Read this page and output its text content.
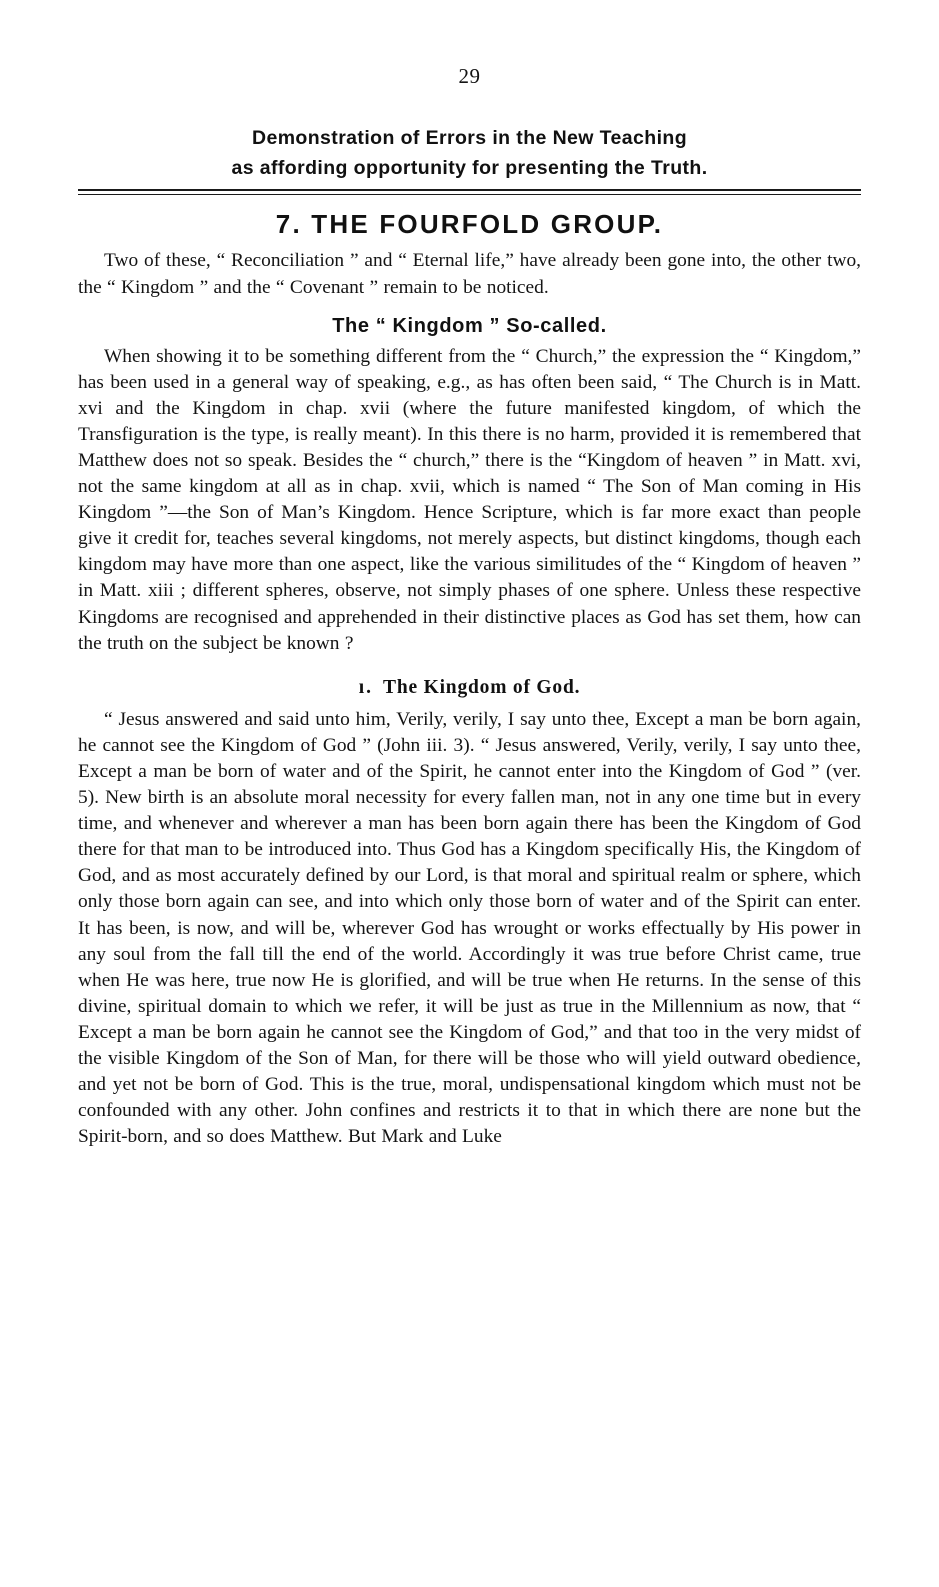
29
Demonstration of Errors in the New Teaching
as affording opportunity for presenting the Truth.
7. THE FOURFOLD GROUP.

Two of these, “ Reconciliation ” and “ Eternal life,” have already been gone into, the other two, the “ Kingdom ” and the “ Covenant ” remain to be noticed.

The “ Kingdom ” So-called.

When showing it to be something different from the “ Church,” the expression the “ Kingdom,” has been used in a general way of speaking, e.g., as has often been said, “ The Church is in Matt. xvi and the Kingdom in chap. xvii (where the future manifested kingdom, of which the Transfiguration is the type, is really meant). In this there is no harm, provided it is remembered that Matthew does not so speak. Besides the “ church,” there is the “Kingdom of heaven ” in Matt. xvi, not the same kingdom at all as in chap. xvii, which is named “ The Son of Man coming in His Kingdom ”—the Son of Man’s Kingdom. Hence Scripture, which is far more exact than people give it credit for, teaches several kingdoms, not merely aspects, but distinct kingdoms, though each kingdom may have more than one aspect, like the various similitudes of the “ Kingdom of heaven ” in Matt. xiii ; different spheres, observe, not simply phases of one sphere. Unless these respective Kingdoms are recognised and apprehended in their distinctive places as God has set them, how can the truth on the subject be known ?

ı. The Kingdom of God.

“ Jesus answered and said unto him, Verily, verily, I say unto thee, Except a man be born again, he cannot see the Kingdom of God ” (John iii. 3). “ Jesus answered, Verily, verily, I say unto thee, Except a man be born of water and of the Spirit, he cannot enter into the Kingdom of God ” (ver. 5). New birth is an absolute moral necessity for every fallen man, not in any one time but in every time, and whenever and wherever a man has been born again there has been the Kingdom of God there for that man to be introduced into. Thus God has a Kingdom specifically His, the Kingdom of God, and as most accurately defined by our Lord, is that moral and spiritual realm or sphere, which only those born again can see, and into which only those born of water and of the Spirit can enter. It has been, is now, and will be, wherever God has wrought or works effectually by His power in any soul from the fall till the end of the world. Accordingly it was true before Christ came, true when He was here, true now He is glorified, and will be true when He returns. In the sense of this divine, spiritual domain to which we refer, it will be just as true in the Millennium as now, that “ Except a man be born again he cannot see the Kingdom of God,” and that too in the very midst of the visible Kingdom of the Son of Man, for there will be those who will yield outward obedience, and yet not be born of God. This is the true, moral, undispensational kingdom which must not be confounded with any other. John confines and restricts it to that in which there are none but the Spirit-born, and so does Matthew. But Mark and Luke
